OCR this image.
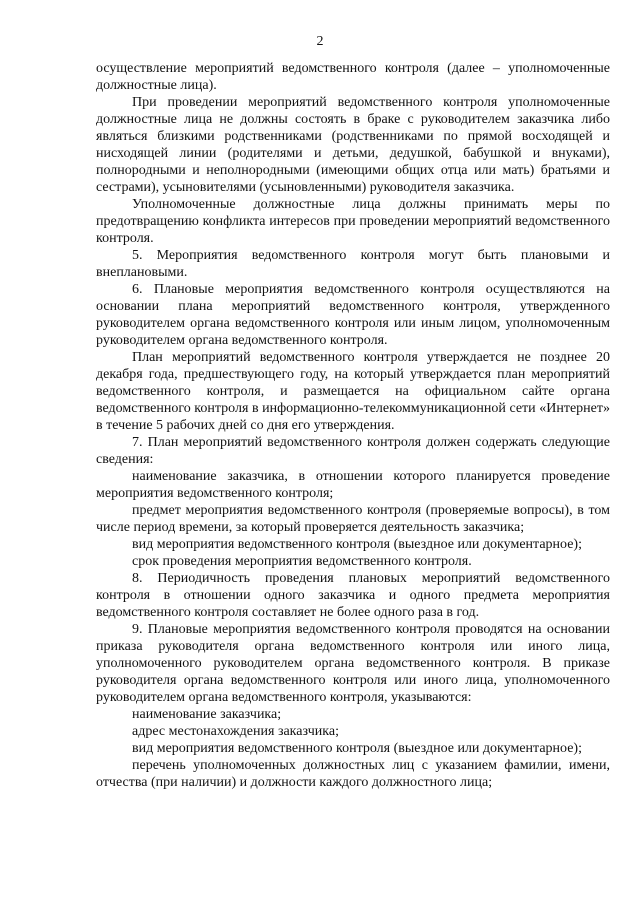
2

осуществление мероприятий ведомственного контроля (далее – уполномоченные должностные лица).

При проведении мероприятий ведомственного контроля уполномоченные должностные лица не должны состоять в браке с руководителем заказчика либо являться близкими родственниками (родственниками по прямой восходящей и нисходящей линии (родителями и детьми, дедушкой, бабушкой и внуками), полнородными и неполнородными (имеющими общих отца или мать) братьями и сестрами), усыновителями (усыновленными) руководителя заказчика.

Уполномоченные должностные лица должны принимать меры по предотвращению конфликта интересов при проведении мероприятий ведомственного контроля.

5. Мероприятия ведомственного контроля могут быть плановыми и внеплановыми.

6. Плановые мероприятия ведомственного контроля осуществляются на основании плана мероприятий ведомственного контроля, утвержденного руководителем органа ведомственного контроля или иным лицом, уполномоченным руководителем органа ведомственного контроля.

План мероприятий ведомственного контроля утверждается не позднее 20 декабря года, предшествующего году, на который утверждается план мероприятий ведомственного контроля, и размещается на официальном сайте органа ведомственного контроля в информационно-телекоммуникационной сети «Интернет» в течение 5 рабочих дней со дня его утверждения.

7. План мероприятий ведомственного контроля должен содержать следующие сведения:

наименование заказчика, в отношении которого планируется проведение мероприятия ведомственного контроля;

предмет мероприятия ведомственного контроля (проверяемые вопросы), в том числе период времени, за который проверяется деятельность заказчика;

вид мероприятия ведомственного контроля (выездное или документарное);

срок проведения мероприятия ведомственного контроля.

8. Периодичность проведения плановых мероприятий ведомственного контроля в отношении одного заказчика и одного предмета мероприятия ведомственного контроля составляет не более одного раза в год.

9. Плановые мероприятия ведомственного контроля проводятся на основании приказа руководителя органа ведомственного контроля или иного лица, уполномоченного руководителем органа ведомственного контроля. В приказе руководителя органа ведомственного контроля или иного лица, уполномоченного руководителем органа ведомственного контроля, указываются:

наименование заказчика;

адрес местонахождения заказчика;

вид мероприятия ведомственного контроля (выездное или документарное);

перечень уполномоченных должностных лиц с указанием фамилии, имени, отчества (при наличии) и должности каждого должностного лица;
